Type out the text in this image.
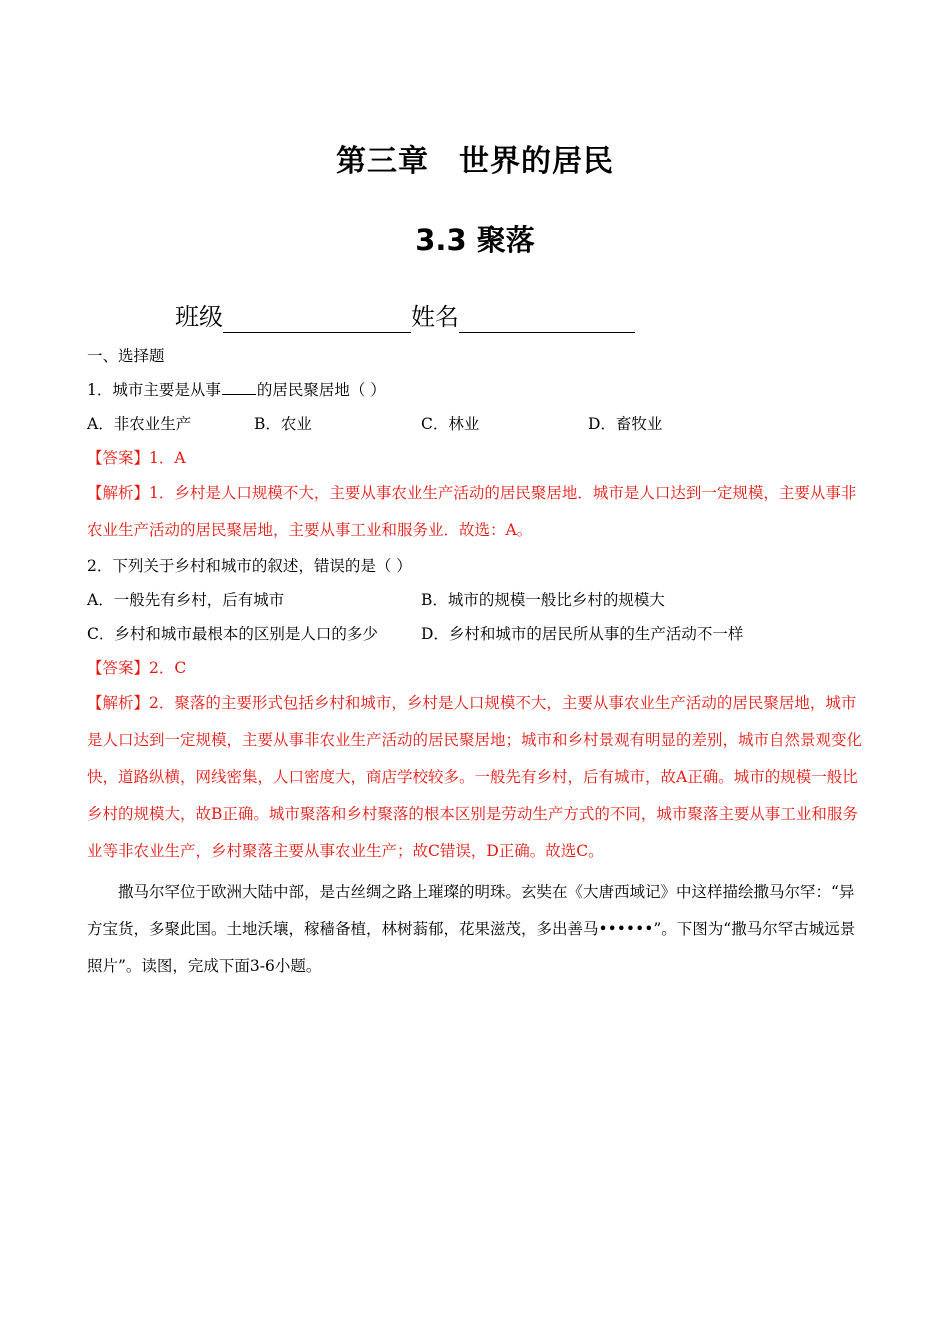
第三章 世界的居民
3.3 聚落
班级	姓名
一、选择题
1．城市主要是从事 的居民聚居地（ ）
A．非农业生产	B．农业	C．林业	D．畜牧业
【答案】1．A
【解析】1．乡村是人口规模不大，主要从事农业生产活动的居民聚居地．城市是人口达到一定规模，主要从事非农业生产活动的居民聚居地，主要从事工业和服务业．故选：A。
2．下列关于乡村和城市的叙述，错误的是（ ）
A．一般先有乡村，后有城市	B．城市的规模一般比乡村的规模大
C．乡村和城市最根本的区别是人口的多少	D．乡村和城市的居民所从事的生产活动不一样
【答案】2．C
【解析】2．聚落的主要形式包括乡村和城市，乡村是人口规模不大，主要从事农业生产活动的居民聚居地，城市是人口达到一定规模，主要从事非农业生产活动的居民聚居地；城市和乡村景观有明显的差别，城市自然景观变化快，道路纵横，网线密集，人口密度大，商店学校较多。一般先有乡村，后有城市，故A正确。城市的规模一般比乡村的规模大，故B正确。城市聚落和乡村聚落的根本区别是劳动生产方式的不同，城市聚落主要从事工业和服务业等非农业生产，乡村聚落主要从事农业生产；故C错误，D正确。故选C。
撒马尔罕位于欧洲大陆中部，是古丝绸之路上璀璨的明珠。玄奘在《大唐西域记》中这样描绘撒马尔罕：“异方宝货，多聚此国。土地沃壤，稼穑备植，林树蓊郁，花果滋茂，多出善马••••••”。下图为“撒马尔罕古城远景照片”。读图，完成下面3-6小题。
